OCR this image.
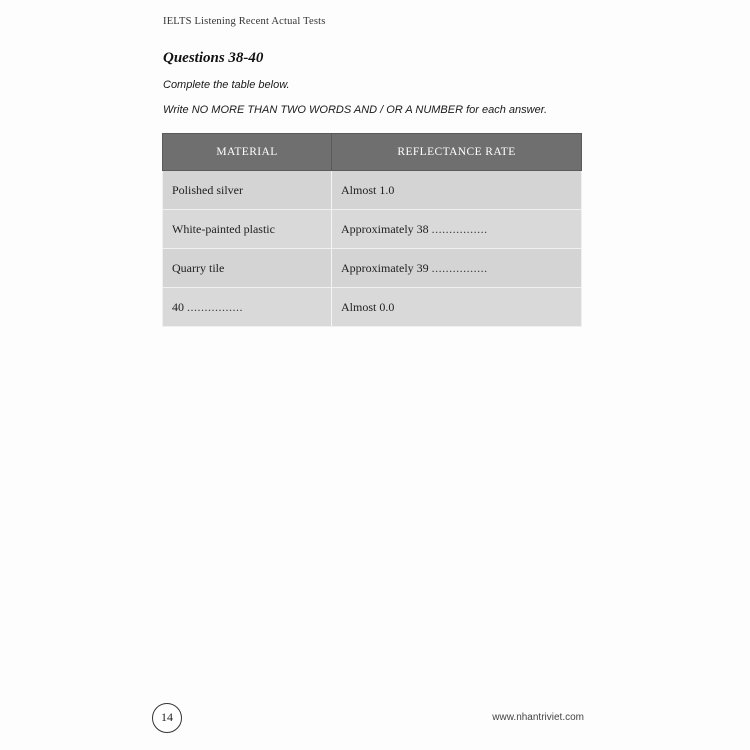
IELTS Listening Recent Actual Tests
Questions 38-40
Complete the table below.
Write NO MORE THAN TWO WORDS AND / OR A NUMBER for each answer.
MATERIAL	REFLECTANCE RATE
Polished silver	Almost 1.0
White-painted plastic	Approximately 38 ................
Quarry tile	Approximately 39 ................
40 ................	Almost 0.0
14	www.nhantriviet.com
